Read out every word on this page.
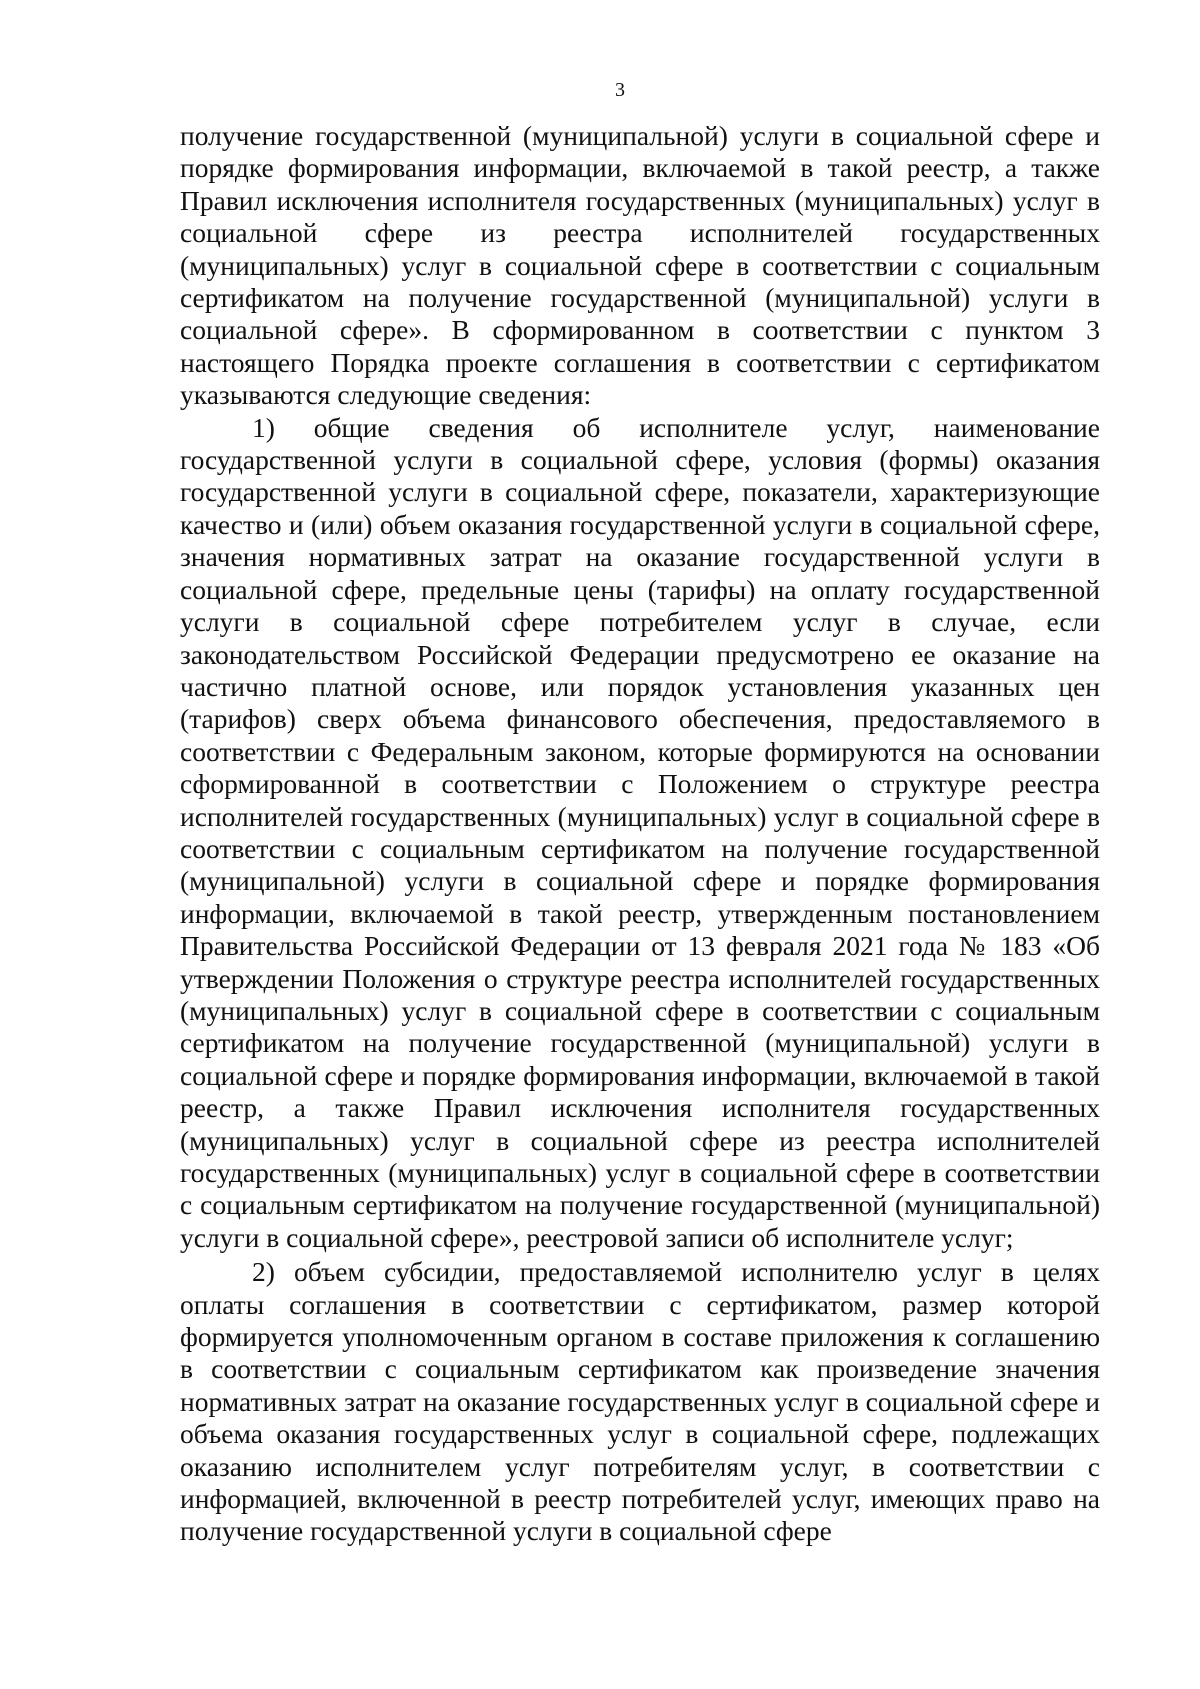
3

получение государственной (муниципальной) услуги в социальной сфере и порядке формирования информации, включаемой в такой реестр, а также Правил исключения исполнителя государственных (муниципальных) услуг в социальной сфере из реестра исполнителей государственных (муниципальных) услуг в социальной сфере в соответствии с социальным сертификатом на получение государственной (муниципальной) услуги в социальной сфере». В сформированном в соответствии с пунктом 3 настоящего Порядка проекте соглашения в соответствии с сертификатом указываются следующие сведения:

1) общие сведения об исполнителе услуг, наименование государственной услуги в социальной сфере, условия (формы) оказания государственной услуги в социальной сфере, показатели, характеризующие качество и (или) объем оказания государственной услуги в социальной сфере, значения нормативных затрат на оказание государственной услуги в социальной сфере, предельные цены (тарифы) на оплату государственной услуги в социальной сфере потребителем услуг в случае, если законодательством Российской Федерации предусмотрено ее оказание на частично платной основе, или порядок установления указанных цен (тарифов) сверх объема финансового обеспечения, предоставляемого в соответствии с Федеральным законом, которые формируются на основании сформированной в соответствии с Положением о структуре реестра исполнителей государственных (муниципальных) услуг в социальной сфере в соответствии с социальным сертификатом на получение государственной (муниципальной) услуги в социальной сфере и порядке формирования информации, включаемой в такой реестр, утвержденным постановлением Правительства Российской Федерации от 13 февраля 2021 года № 183 «Об утверждении Положения о структуре реестра исполнителей государственных (муниципальных) услуг в социальной сфере в соответствии с социальным сертификатом на получение государственной (муниципальной) услуги в социальной сфере и порядке формирования информации, включаемой в такой реестр, а также Правил исключения исполнителя государственных (муниципальных) услуг в социальной сфере из реестра исполнителей государственных (муниципальных) услуг в социальной сфере в соответствии с социальным сертификатом на получение государственной (муниципальной) услуги в социальной сфере», реестровой записи об исполнителе услуг;

2) объем субсидии, предоставляемой исполнителю услуг в целях оплаты соглашения в соответствии с сертификатом, размер которой формируется уполномоченным органом в составе приложения к соглашению в соответствии с социальным сертификатом как произведение значения нормативных затрат на оказание государственных услуг в социальной сфере и объема оказания государственных услуг в социальной сфере, подлежащих оказанию исполнителем услуг потребителям услуг, в соответствии с информацией, включенной в реестр потребителей услуг, имеющих право на получение государственной услуги в социальной сфере
